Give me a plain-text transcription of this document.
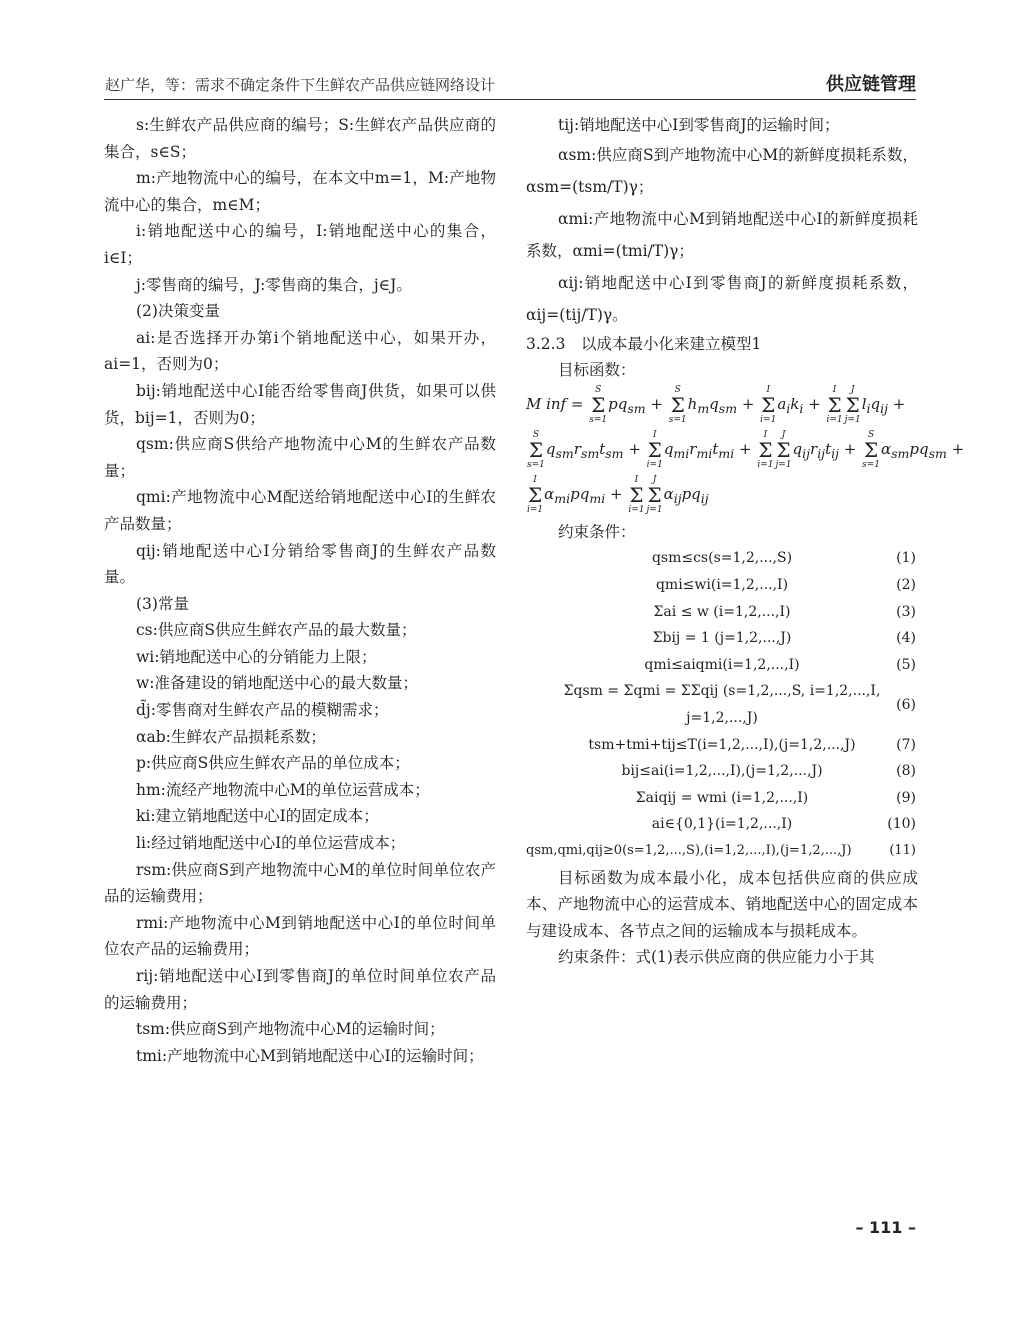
赵广华，等：需求不确定条件下生鲜农产品供应链网络设计	供应链管理

s:生鲜农产品供应商的编号；S:生鲜农产品供应商的集合，s∈S；

m:产地物流中心的编号，在本文中m=1，M:产地物流中心的集合，m∈M；

i:销地配送中心的编号，I:销地配送中心的集合，i∈I；

j:零售商的编号，J:零售商的集合，j∈J。

(2)决策变量

ai:是否选择开办第i个销地配送中心，如果开办，ai=1，否则为0；

bij:销地配送中心I能否给零售商J供货，如果可以供货，bij=1，否则为0；

qsm:供应商S供给产地物流中心M的生鲜农产品数量；

qmi:产地物流中心M配送给销地配送中心I的生鲜农产品数量；

qij:销地配送中心I分销给零售商J的生鲜农产品数量。

(3)常量

cs:供应商S供应生鲜农产品的最大数量；

wi:销地配送中心的分销能力上限；

w:准备建设的销地配送中心的最大数量；

d̃j:零售商对生鲜农产品的模糊需求；

αab:生鲜农产品损耗系数；

p:供应商S供应生鲜农产品的单位成本；

hm:流经产地物流中心M的单位运营成本；

ki:建立销地配送中心I的固定成本；

li:经过销地配送中心I的单位运营成本；

rsm:供应商S到产地物流中心M的单位时间单位农产品的运输费用；

rmi:产地物流中心M到销地配送中心I的单位时间单位农产品的运输费用；

rij:销地配送中心I到零售商J的单位时间单位农产品的运输费用；

tsm:供应商S到产地物流中心M的运输时间；

tmi:产地物流中心M到销地配送中心I的运输时间；

tij:销地配送中心I到零售商J的运输时间；

αsm:供应商S到产地物流中心M的新鲜度损耗系数，αsm=(tsm/T)γ；

αmi:产地物流中心M到销地配送中心I的新鲜度损耗系数，αmi=(tmi/T)γ；

αij:销地配送中心I到零售商J的新鲜度损耗系数，αij=(tij/T)γ。

3.2.3　以成本最小化来建立模型1

目标函数：

M inf = S
Σ
$s=1pq_{sm} + S$
Σ
$s=1h_mq_{sm} + I$
Σ
$i=1a_ik_i + I$
Σ
i=1J
Σ
$j=1l_iq_{ij}$ +
S
Σ
$s=1q_{sm}r_{sm}t_{sm} + I$
Σ
$i=1q_{mi}r_{mi}t_{mi} + I$
Σ
i=1J
Σ
$j=1q_{ij}r_{ij}t_{ij} + S$
Σ
$s=1\alpha_{sm}pq_{sm}$ +
I
Σ
$i=1\alpha_{mi}pq_{mi} + I$
Σ
i=1J
Σ
$j=1\alpha_{ij}pq_{ij}$

约束条件：

qsm≤cs(s=1,2,...,S)	(1)
qmi≤wi(i=1,2,...,I)	(2)
Σai ≤ w (i=1,2,...,I)	(3)
Σbij = 1 (j=1,2,...,J)	(4)
qmi≤aiqmi(i=1,2,...,I)	(5)
Σqsm = Σqmi = ΣΣqij (s=1,2,...,S, i=1,2,...,I, j=1,2,...,J)
(6)
tsm+tmi+tij≤T(i=1,2,...,I),(j=1,2,...,J)	(7)
bij≤ai(i=1,2,...,I),(j=1,2,...,J)	(8)
Σaiqij = wmi (i=1,2,...,I)	(9)
ai∈{0,1}(i=1,2,...,I)	(10)
qsm,qmi,qij≥0(s=1,2,...,S),(i=1,2,...,I),(j=1,2,...,J)	(11)

目标函数为成本最小化，成本包括供应商的供应成本、产地物流中心的运营成本、销地配送中心的固定成本与建设成本、各节点之间的运输成本与损耗成本。

约束条件：式(1)表示供应商的供应能力小于其

– 111 –
